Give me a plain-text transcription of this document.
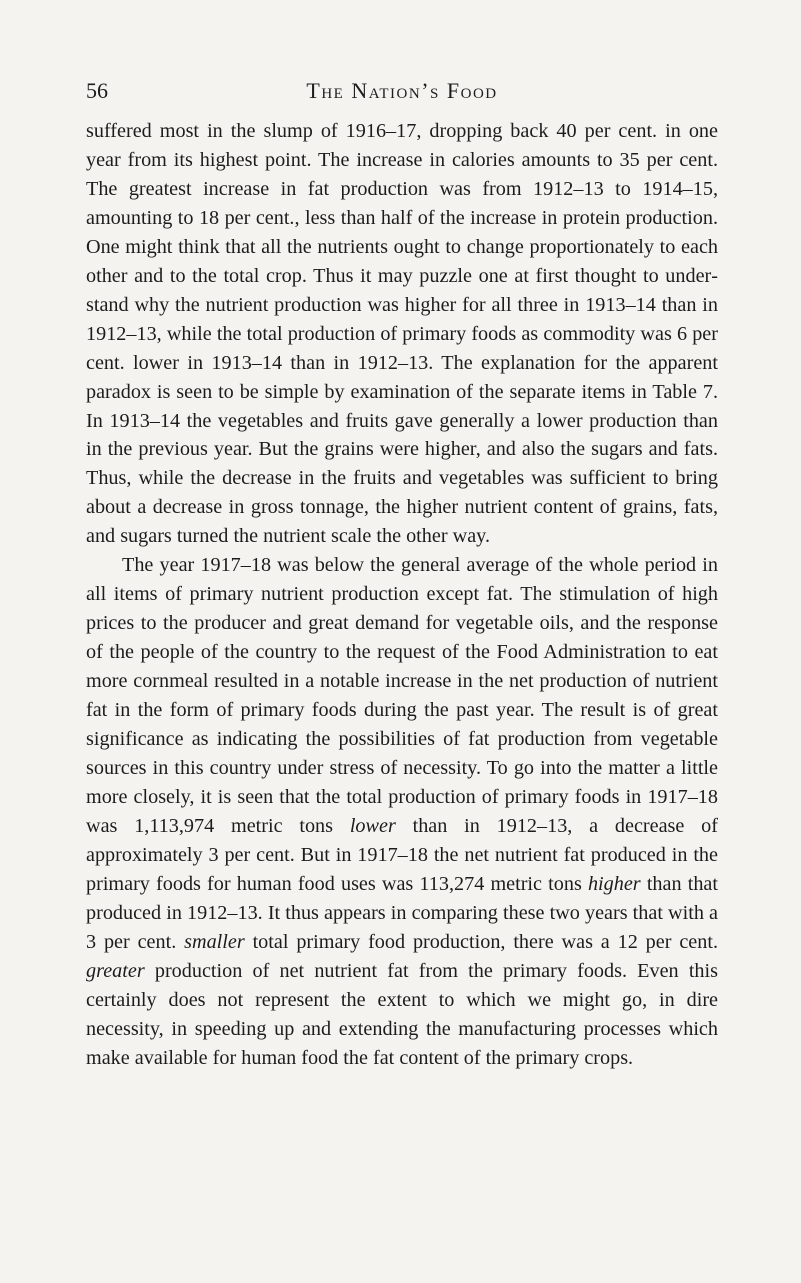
56	The Nation’s Food

suffered most in the slump of 1916–17, dropping back 40 per cent. in one year from its highest point. The increase in calories amounts to 35 per cent. The greatest increase in fat production was from 1912–13 to 1914–15, amounting to 18 per cent., less than half of the increase in protein production. One might think that all the nutrients ought to change proportionately to each other and to the total crop. Thus it may puzzle one at first thought to understand why the nutrient production was higher for all three in 1913–14 than in 1912–13, while the total production of primary foods as commodity was 6 per cent. lower in 1913–14 than in 1912–13. The explanation for the apparent paradox is seen to be simple by examination of the separate items in Table 7. In 1913–14 the vegetables and fruits gave generally a lower production than in the previous year. But the grains were higher, and also the sugars and fats. Thus, while the decrease in the fruits and vegetables was sufficient to bring about a decrease in gross tonnage, the higher nutrient content of grains, fats, and sugars turned the nutrient scale the other way.

The year 1917–18 was below the general average of the whole period in all items of primary nutrient production except fat. The stimulation of high prices to the producer and great demand for vegetable oils, and the response of the people of the country to the request of the Food Administration to eat more cornmeal resulted in a notable increase in the net production of nutrient fat in the form of primary foods during the past year. The result is of great significance as indicating the possibilities of fat production from vegetable sources in this country under stress of necessity. To go into the matter a little more closely, it is seen that the total production of primary foods in 1917–18 was 1,113,974 metric tons lower than in 1912–13, a decrease of approximately 3 per cent. But in 1917–18 the net nutrient fat produced in the primary foods for human food uses was 113,274 metric tons higher than that produced in 1912–13. It thus appears in comparing these two years that with a 3 per cent. smaller total primary food production, there was a 12 per cent. greater production of net nutrient fat from the primary foods. Even this certainly does not represent the extent to which we might go, in dire necessity, in speeding up and extending the manufacturing processes which make available for human food the fat content of the primary crops.
